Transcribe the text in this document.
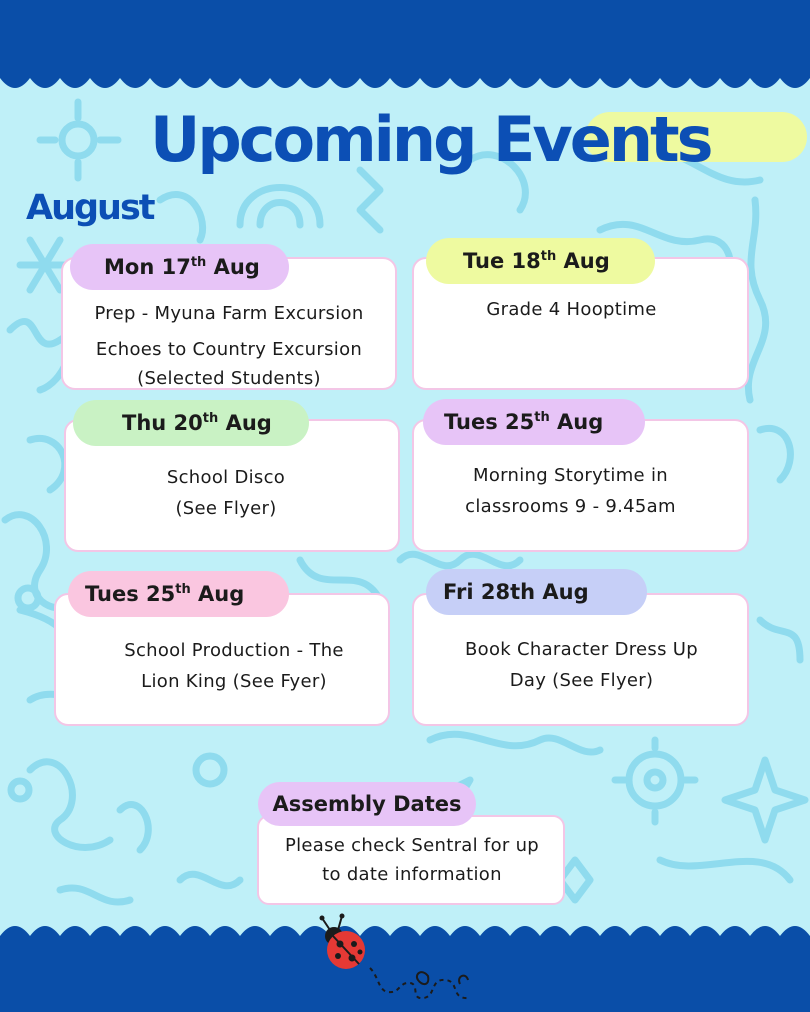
Upcoming Events
August
Prep - Myuna Farm Excursion
Echoes to Country Excursion
(Selected Students)
Mon 17th Aug
Grade 4 Hooptime
Tue 18th Aug
School Disco
(See Flyer)
Thu 20th Aug
Morning Storytime in
classrooms 9 - 9.45am
Tues 25th Aug
School Production - The
Lion King (See Fyer)
Tues 25th Aug
Book Character Dress Up
Day (See Flyer)
Fri 28th Aug
Please check Sentral for up
to date information
Assembly Dates
